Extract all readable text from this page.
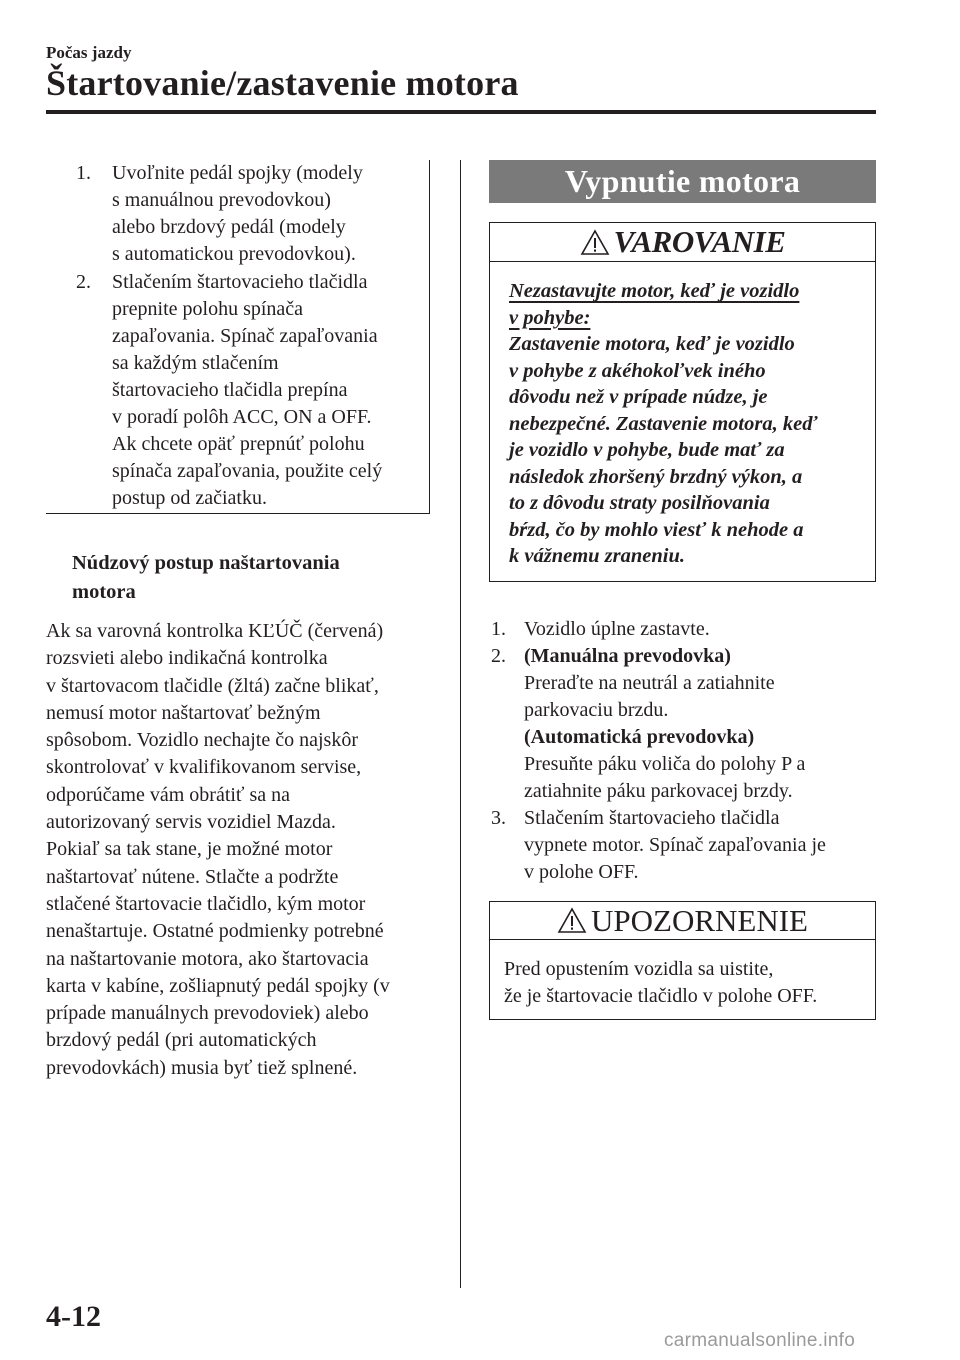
Počas jazdy
Štartovanie/zastavenie motora
1. Uvoľnite pedál spojky (modely
s manuálnou prevodovkou)
alebo brzdový pedál (modely
s automatickou prevodovkou).
2. Stlačením štartovacieho tlačidla
prepnite polohu spínača
zapaľovania. Spínač zapaľovania
sa každým stlačením
štartovacieho tlačidla prepína
v poradí polôh ACC, ON a OFF.
Ak chcete opäť prepnúť polohu
spínača zapaľovania, použite celý
postup od začiatku.
Núdzový postup naštartovania motora
Ak sa varovná kontrolka KĽÚČ (červená)
rozsvieti alebo indikačná kontrolka
v štartovacom tlačidle (žltá) začne blikať,
nemusí motor naštartovať bežným
spôsobom. Vozidlo nechajte čo najskôr
skontrolovať v kvalifikovanom servise,
odporúčame vám obrátiť sa na
autorizovaný servis vozidiel Mazda.
Pokiaľ sa tak stane, je možné motor
naštartovať nútene. Stlačte a podržte
stlačené štartovacie tlačidlo, kým motor
nenaštartuje. Ostatné podmienky potrebné
na naštartovanie motora, ako štartovacia
karta v kabíne, zošliapnutý pedál spojky (v
prípade manuálnych prevodoviek) alebo
brzdový pedál (pri automatických
prevodovkách) musia byť tiež splnené.
Vypnutie motora
VAROVANIE
Nezastavujte motor, keď je vozidlo
v pohybe:
Zastavenie motora, keď je vozidlo
v pohybe z akéhokoľvek iného
dôvodu než v prípade núdze, je
nebezpečné. Zastavenie motora, keď
je vozidlo v pohybe, bude mať za
následok zhoršený brzdný výkon, a
to z dôvodu straty posilňovania
bŕzd, čo by mohlo viesť k nehode a
k vážnemu zraneniu.
1. Vozidlo úplne zastavte.
2. (Manuálna prevodovka)
Preraďte na neutrál a zatiahnite
parkovaciu brzdu.
(Automatická prevodovka)
Presuňte páku voliča do polohy P a
zatiahnite páku parkovacej brzdy.
3. Stlačením štartovacieho tlačidla
vypnete motor. Spínač zapaľovania je
v polohe OFF.
UPOZORNENIE
Pred opustením vozidla sa uistite,
že je štartovacie tlačidlo v polohe OFF.
4-12
carmanualsonline.info
